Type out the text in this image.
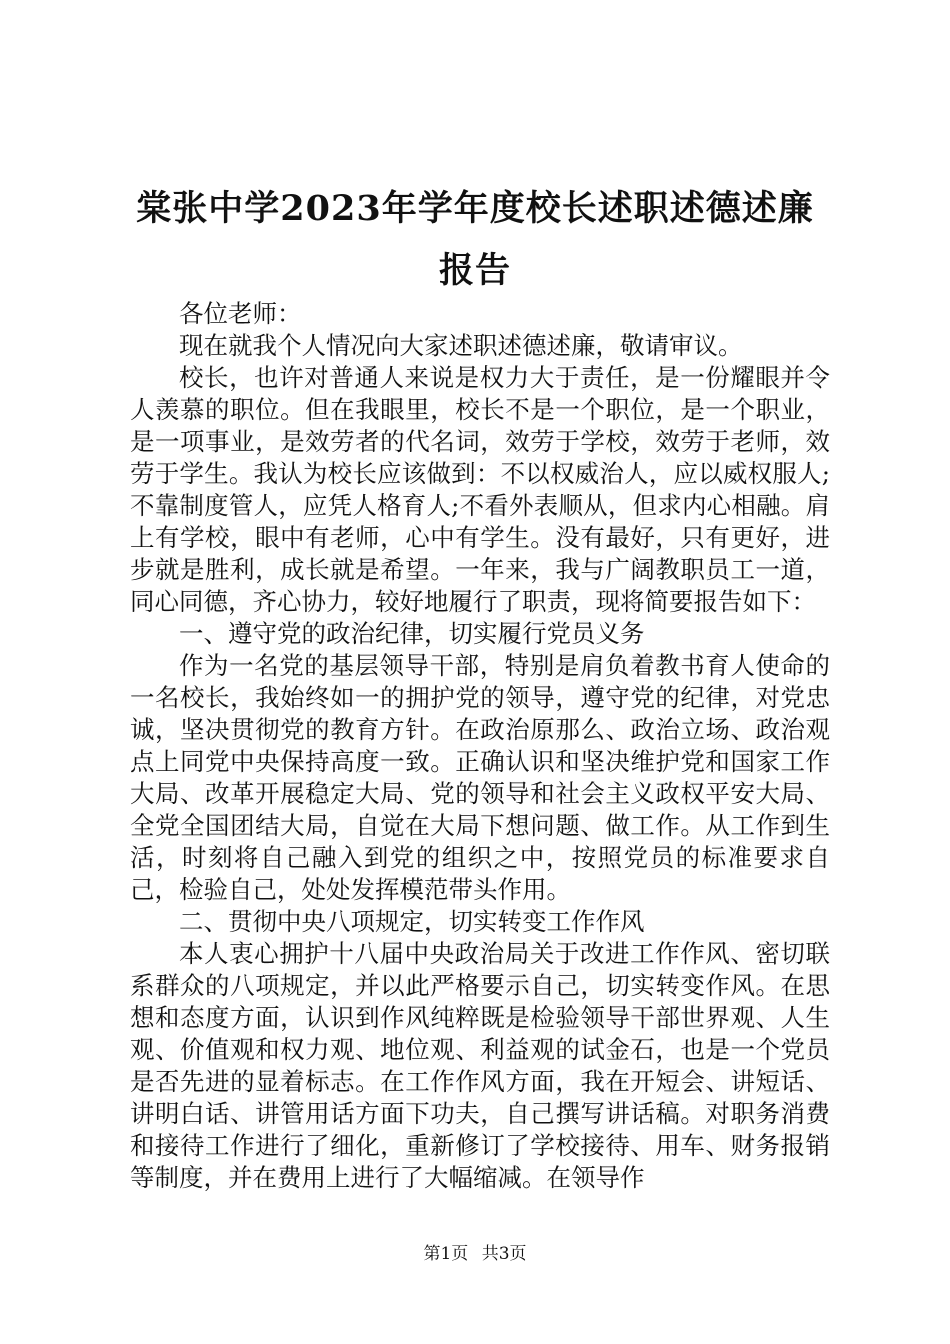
棠张中学2023年学年度校长述职述德述廉报告

各位老师：

现在就我个人情况向大家述职述德述廉，敬请审议。

校长，也许对普通人来说是权力大于责任，是一份耀眼并令人羡慕的职位。但在我眼里，校长不是一个职位，是一个职业，是一项事业，是效劳者的代名词，效劳于学校，效劳于老师，效劳于学生。我认为校长应该做到：不以权威治人，应以威权服人;不靠制度管人，应凭人格育人;不看外表顺从，但求内心相融。肩上有学校，眼中有老师，心中有学生。没有最好，只有更好，进步就是胜利，成长就是希望。一年来，我与广阔教职员工一道，同心同德，齐心协力，较好地履行了职责，现将简要报告如下：

一、遵守党的政治纪律，切实履行党员义务

作为一名党的基层领导干部，特别是肩负着教书育人使命的一名校长，我始终如一的拥护党的领导，遵守党的纪律，对党忠诚，坚决贯彻党的教育方针。在政治原那么、政治立场、政治观点上同党中央保持高度一致。正确认识和坚决维护党和国家工作大局、改革开展稳定大局、党的领导和社会主义政权平安大局、全党全国团结大局，自觉在大局下想问题、做工作。从工作到生活，时刻将自己融入到党的组织之中，按照党员的标准要求自己，检验自己，处处发挥模范带头作用。

二、贯彻中央八项规定，切实转变工作作风

本人衷心拥护十八届中央政治局关于改进工作作风、密切联系群众的八项规定，并以此严格要示自己，切实转变作风。在思想和态度方面，认识到作风纯粹既是检验领导干部世界观、人生观、价值观和权力观、地位观、利益观的试金石，也是一个党员是否先进的显着标志。在工作作风方面，我在开短会、讲短话、讲明白话、讲管用话方面下功夫，自己撰写讲话稿。对职务消费和接待工作进行了细化，重新修订了学校接待、用车、财务报销等制度，并在费用上进行了大幅缩减。在领导作

第1页 共3页
